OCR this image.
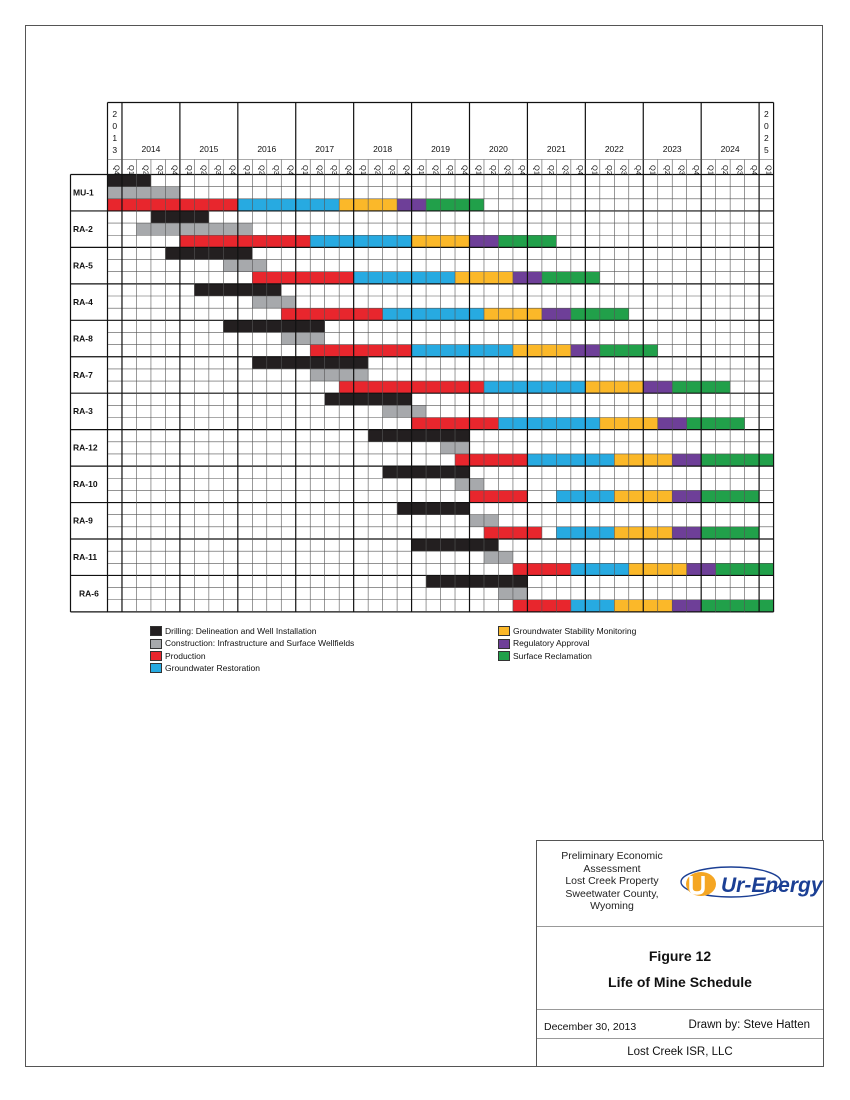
2
0
1
3	2014	2015	2016	2017	2018	2019	2020	2021	2022	2023	2024
2
0
2
5
Q4 Q1 Q2 Q3 Q4 Q1 Q2 Q3 Q4 Q1 Q2 Q3 Q4 Q1 Q2 Q3 Q4 Q1 Q2 Q3 Q4 Q1 Q2 Q3 Q4 Q1 Q2 Q3 Q4 Q1 Q2 Q3 Q4 Q1 Q2 Q3 Q4 Q1 Q2 Q3 Q4 Q1 Q2 Q3 Q4 Q1
MU-1
RA-2
RA-5
RA-4
RA-8
RA-7
RA-3
RA-12
RA-10
RA-9
RA-11
RA-6
Drilling: Delineation and Well Installation
Construction: Infrastructure and Surface Wellfields
Production
Groundwater Restoration
Groundwater Stability Monitoring
Regulatory Approval
Surface Reclamation
Preliminary Economic
Assessment
Lost Creek Property
Sweetwater County,
Wyoming
Ur-Energy
Figure 12
Life of Mine Schedule
December 30, 2013	Drawn by: Steve Hatten
Lost Creek ISR, LLC
